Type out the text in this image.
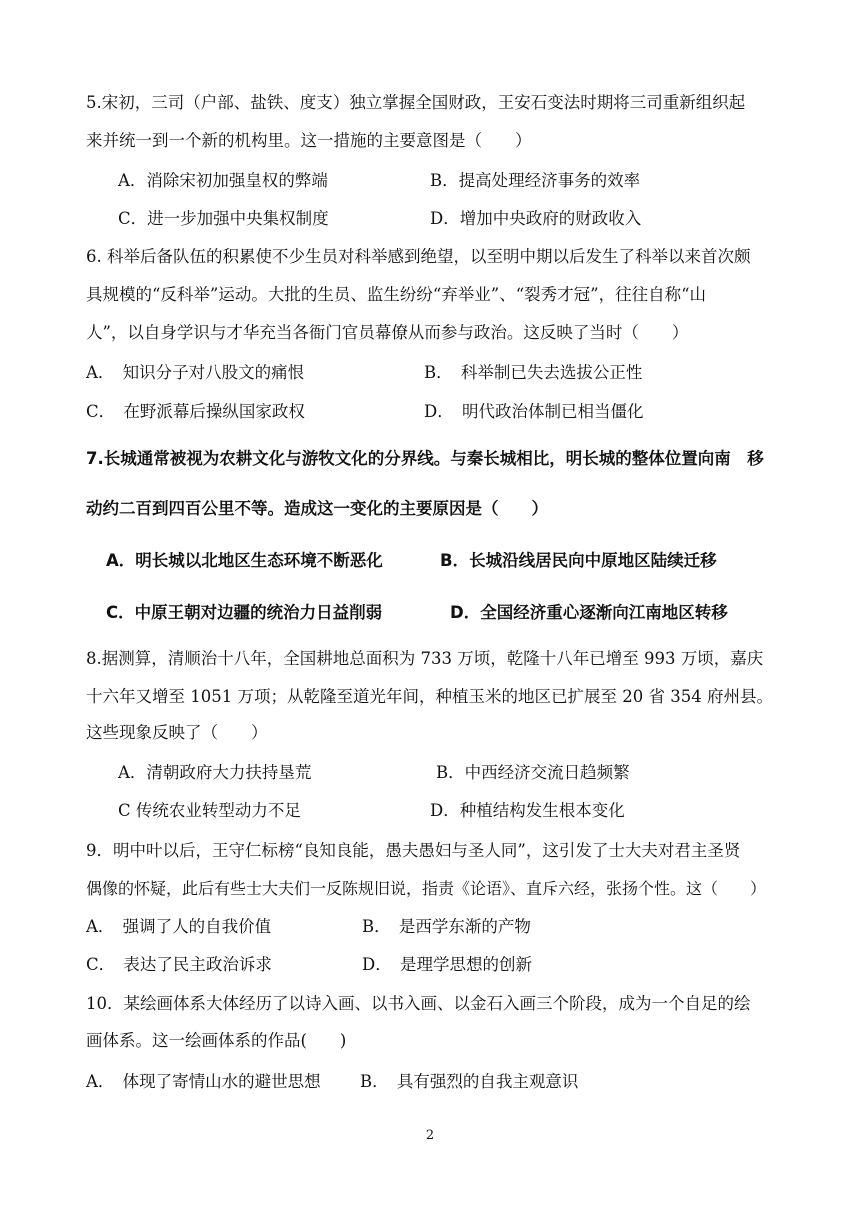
5.宋初，三司（户部、盐铁、度支）独立掌握全国财政，王安石变法时期将三司重新组织起
来并统一到一个新的机构里。这一措施的主要意图是（　　）
A．消除宋初加强皇权的弊端	B．提高处理经济事务的效率
C．进一步加强中央集权制度	D．增加中央政府的财政收入
6. 科举后备队伍的积累使不少生员对科举感到绝望，以至明中期以后发生了科举以来首次颇
具规模的“反科举”运动。大批的生员、监生纷纷“弃举业”、“裂秀才冠”，往往自称“山
人”，以自身学识与才华充当各衙门官员幕僚从而参与政治。这反映了当时（　　）
A．　知识分子对八股文的痛恨	B．　科举制已失去选拔公正性
C．　在野派幕后操纵国家政权	D．　明代政治体制已相当僵化
7.长城通常被视为农耕文化与游牧文化的分界线。与秦长城相比，明长城的整体位置向南　移
动约二百到四百公里不等。造成这一变化的主要原因是（　　）
A．明长城以北地区生态环境不断恶化	B．长城沿线居民向中原地区陆续迁移
C．中原王朝对边疆的统治力日益削弱	D．全国经济重心逐渐向江南地区转移
8.据测算，清顺治十八年，全国耕地总面积为 733 万顷，乾隆十八年已增至 993 万顷，嘉庆
十六年又增至 1051 万项；从乾隆至道光年间，种植玉米的地区已扩展至 20 省 354 府州县。
这些现象反映了（　　）
A．清朝政府大力扶持垦荒	B．中西经济交流日趋频繁
C 传统农业转型动力不足	D．种植结构发生根本变化
9．明中叶以后，王守仁标榜“良知良能，愚夫愚妇与圣人同”，这引发了士大夫对君主圣贤
偶像的怀疑，此后有些士大夫们一反陈规旧说，指责《论语》、直斥六经，张扬个性。这（　　）
A．　强调了人的自我价值	B．　是西学东渐的产物
C．　表达了民主政治诉求	D．　是理学思想的创新
10．某绘画体系大体经历了以诗入画、以书入画、以金石入画三个阶段，成为一个自足的绘
画体系。这一绘画体系的作品(　　)
A．　体现了寄情山水的避世思想 B．　具有强烈的自我主观意识
2
